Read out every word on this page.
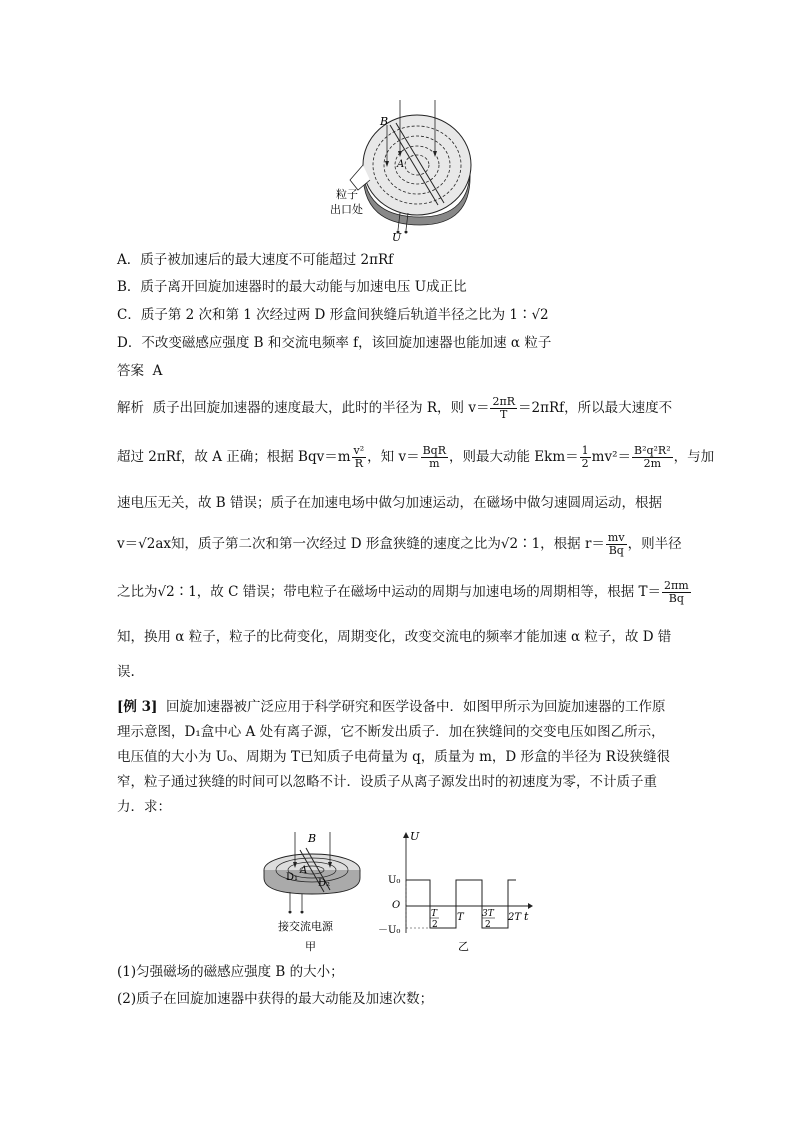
B
A
粒子
出口处
U
A．质子被加速后的最大速度不可能超过 2πRf
B．质子离开回旋加速器时的最大动能与加速电压 U成正比
C．质子第 2 次和第 1 次经过两 D 形盒间狭缝后轨道半径之比为 1∶√2
D．不改变磁感应强度 B 和交流电频率 f，该回旋加速器也能加速 α 粒子
答案 A
解析 质子出回旋加速器的速度最大，此时的半径为 R，则 $v= \frac{2\pi R}{T} =2\pi Rf$，所以最大速度不
超过 2πRf，故 A 正确；根据 $Bqv=m \frac{\text{v²}}{R}$ ，知 $v= \frac{\text{BqR}}{m}$ ，则最大动能 $Ekm= \frac{1}{2} mv^2= \frac{\text{B²q²R²}}{2m}$ ，与加
速电压无关，故 B 错误；质子在加速电场中做匀加速运动，在磁场中做匀速圆周运动，根据
v＝√2ax知，质子第二次和第一次经过 D 形盒狭缝的速度之比为√2∶1，根据 $r= \frac{mv}{Bq}$ ，则半径
之比为√2∶1，故 C 错误；带电粒子在磁场中运动的周期与加速电场的周期相等，根据 $T= \frac{2\pi m}{Bq}$
知，换用 α 粒子，粒子的比荷变化，周期变化，改变交流电的频率才能加速 α 粒子，故 D 错
误.
[例 3] 回旋加速器被广泛应用于科学研究和医学设备中．如图甲所示为回旋加速器的工作原
理示意图，D₁盒中心 A 处有离子源，它不断发出质子．加在狭缝间的交变电压如图乙所示，
电压值的大小为 U₀、周期为 T已知质子电荷量为 q，质量为 m，D 形盒的半径为 R设狭缝很
窄，粒子通过狭缝的时间可以忽略不计．设质子从离子源发出时的初速度为零，不计质子重
力．求：
B
A
D₁
D₂
接交流电源
甲
U
t
U₀
O
－U₀
T
2
T 3T
2
2T
乙
(1)匀强磁场的磁感应强度 B 的大小；
(2)质子在回旋加速器中获得的最大动能及加速次数；
